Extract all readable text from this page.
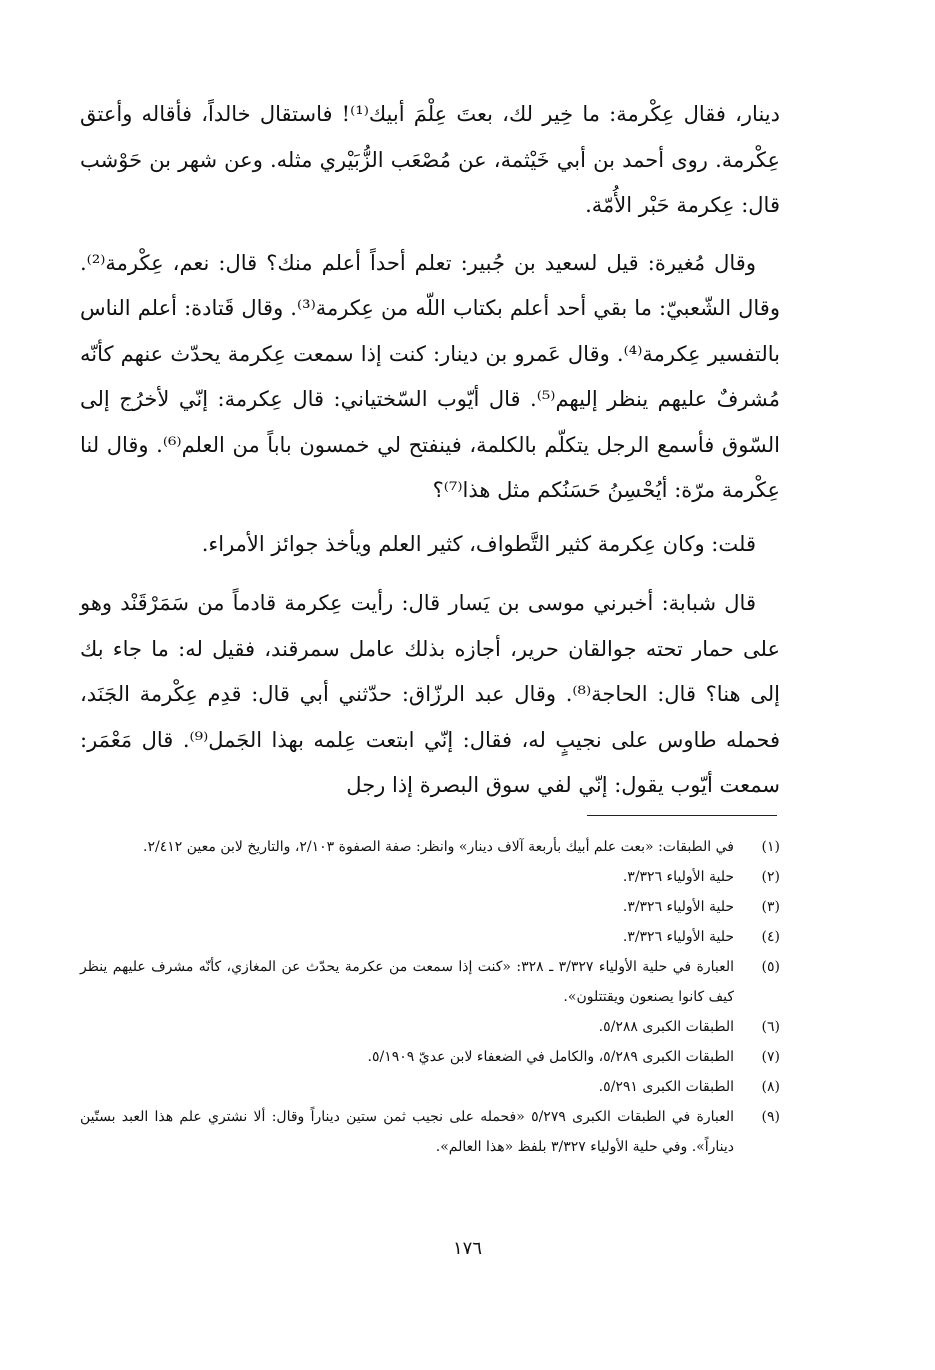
دينار، فقال عِكْرمة: ما خِير لك، بعتَ عِلْمَ أبيك⁽¹⁾! فاستقال خالداً، فأقاله وأعتق عِكْرمة. روى أحمد بن أبي خَيْثمة، عن مُصْعَب الزُّبَيْري مثله. وعن شهر بن حَوْشب قال: عِكرمة حَبْر الأُمّة.

وقال مُغيرة: قيل لسعيد بن جُبير: تعلم أحداً أعلم منك؟ قال: نعم، عِكْرمة⁽²⁾. وقال الشّعبيّ: ما بقي أحد أعلم بكتاب اللّه من عِكرمة⁽³⁾. وقال قَتادة: أعلم الناس بالتفسير عِكرمة⁽⁴⁾. وقال عَمرو بن دينار: كنت إذا سمعت عِكرمة يحدّث عنهم كأنّه مُشرفٌ عليهم ينظر إليهم⁽⁵⁾. قال أيّوب السّختياني: قال عِكرمة: إنّي لأخرُج إلى السّوق فأسمع الرجل يتكلّم بالكلمة، فينفتح لي خمسون باباً من العلم⁽⁶⁾. وقال لنا عِكْرمة مرّة: أيُحْسِنُ حَسَنُكم مثل هذا⁽⁷⁾؟

قلت: وكان عِكرمة كثير التَّطواف، كثير العلم ويأخذ جوائز الأمراء.

قال شبابة: أخبرني موسى بن يَسار قال: رأيت عِكرمة قادماً من سَمَرْقَنْد وهو على حمار تحته جوالقان حرير، أجازه بذلك عامل سمرقند، فقيل له: ما جاء بك إلى هنا؟ قال: الحاجة⁽⁸⁾. وقال عبد الرزّاق: حدّثني أبي قال: قدِم عِكْرمة الجَنَد، فحمله طاوس على نجيبٍ له، فقال: إنّي ابتعت عِلمه بهذا الجَمل⁽⁹⁾. قال مَعْمَر: سمعت أيّوب يقول: إنّي لفي سوق البصرة إذا رجل

(١)
في الطبقات: «بعت علم أبيك بأربعة آلاف دينار» وانظر: صفة الصفوة ٢/١٠٣، والتاريخ لابن معين ٢/٤١٢.
(٢)
حلية الأولياء ٣/٣٢٦.
(٣)
حلية الأولياء ٣/٣٢٦.
(٤)
حلية الأولياء ٣/٣٢٦.
(٥)
العبارة في حلية الأولياء ٣/٣٢٧ ـ ٣٢٨: «كنت إذا سمعت من عكرمة يحدّث عن المغازي، كأنّه مشرف عليهم ينظر كيف كانوا يصنعون ويقتتلون».
(٦)
الطبقات الكبرى ٥/٢٨٨.
(٧)
الطبقات الكبرى ٥/٢٨٩، والكامل في الضعفاء لابن عديّ ٥/١٩٠٩.
(٨)
الطبقات الكبرى ٥/٢٩١.
(٩)
العبارة في الطبقات الكبرى ٥/٢٧٩ «فحمله على نجيب ثمن ستين ديناراً وقال: ألا نشتري علم هذا العبد بستّين ديناراً». وفي حلية الأولياء ٣/٣٢٧ بلفظ «هذا العالم».
١٧٦
